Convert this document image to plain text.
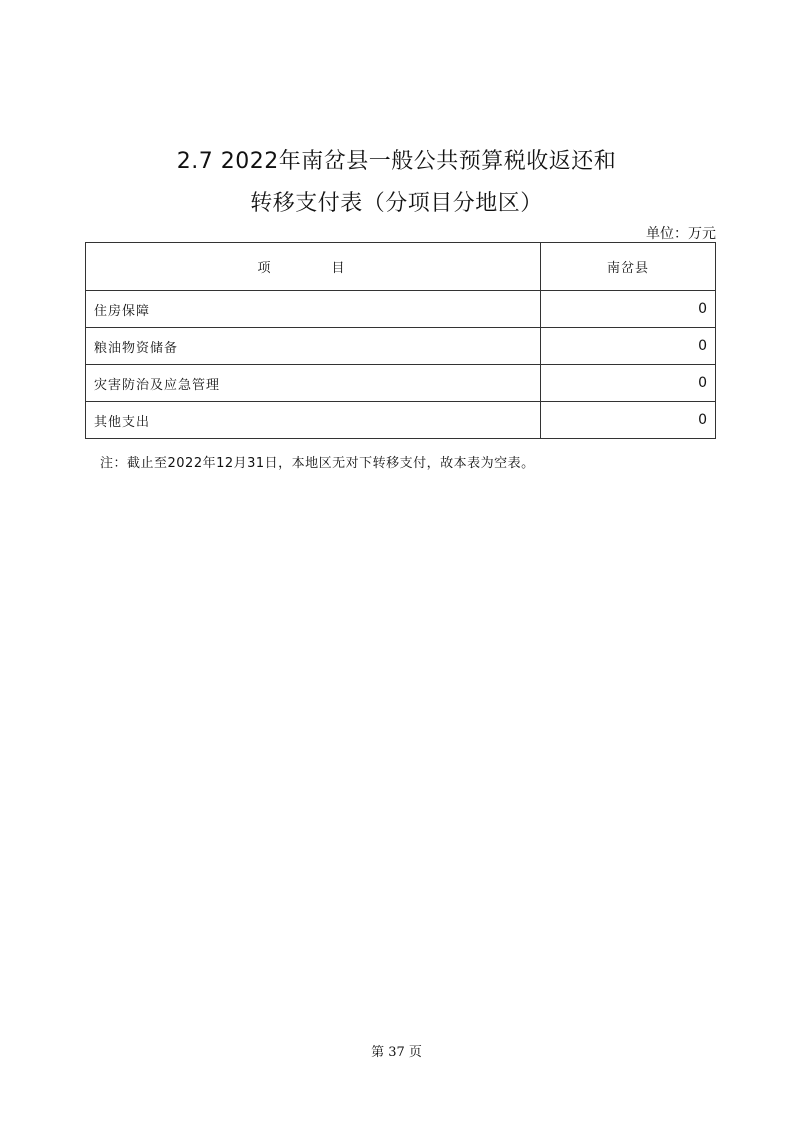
2.7 2022年南岔县一般公共预算税收返还和
转移支付表（分项目分地区）
单位：万元
项　目	南岔县
住房保障	0
粮油物资储备	0
灾害防治及应急管理	0
其他支出	0
注：截止至2022年12月31日，本地区无对下转移支付，故本表为空表。
第 37 页
